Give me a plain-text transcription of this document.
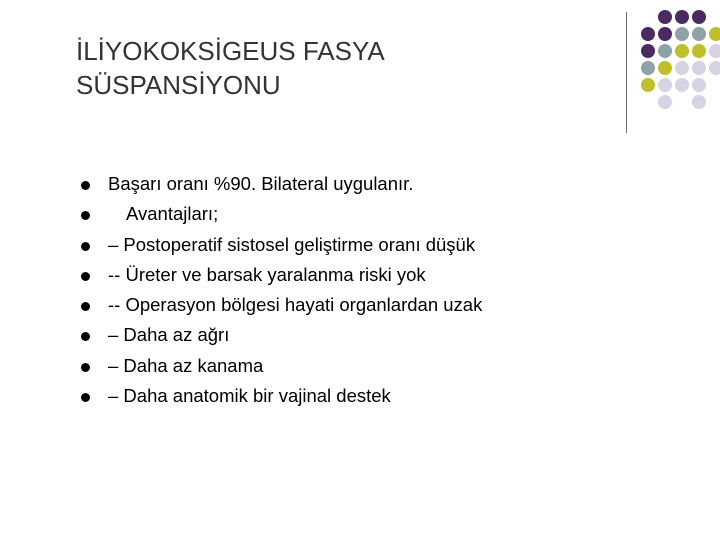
İLİYOKOKSİGEUS FASYA
SÜSPANSİYONU
Başarı oranı %90. Bilateral uygulanır.
Avantajları;
– Postoperatif sistosel geliştirme oranı düşük
-- Üreter ve barsak yaralanma riski yok
-- Operasyon bölgesi hayati organlardan uzak
– Daha az ağrı
– Daha az kanama
– Daha anatomik bir vajinal destek
